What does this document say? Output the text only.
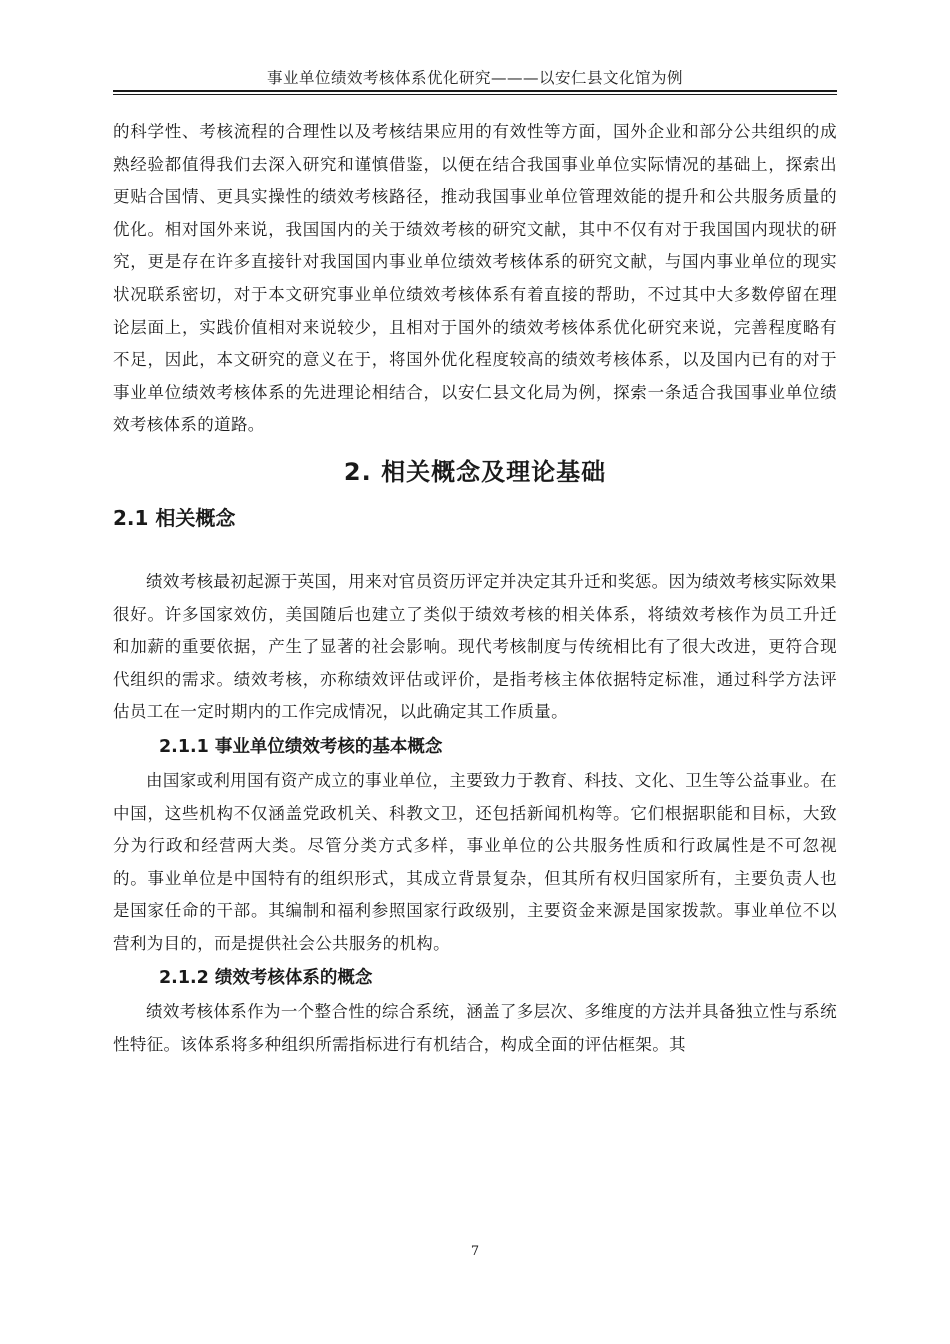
事业单位绩效考核体系优化研究———以安仁县文化馆为例

的科学性、考核流程的合理性以及考核结果应用的有效性等方面，国外企业和部分公共组织的成熟经验都值得我们去深入研究和谨慎借鉴，以便在结合我国事业单位实际情况的基础上，探索出更贴合国情、更具实操性的绩效考核路径，推动我国事业单位管理效能的提升和公共服务质量的优化。相对国外来说，我国国内的关于绩效考核的研究文献，其中不仅有对于我国国内现状的研究，更是存在许多直接针对我国国内事业单位绩效考核体系的研究文献，与国内事业单位的现实状况联系密切，对于本文研究事业单位绩效考核体系有着直接的帮助，不过其中大多数停留在理论层面上，实践价值相对来说较少，且相对于国外的绩效考核体系优化研究来说，完善程度略有不足，因此，本文研究的意义在于，将国外优化程度较高的绩效考核体系，以及国内已有的对于事业单位绩效考核体系的先进理论相结合，以安仁县文化局为例，探索一条适合我国事业单位绩效考核体系的道路。

2. 相关概念及理论基础
2.1 相关概念

绩效考核最初起源于英国，用来对官员资历评定并决定其升迁和奖惩。因为绩效考核实际效果很好。许多国家效仿，美国随后也建立了类似于绩效考核的相关体系，将绩效考核作为员工升迁和加薪的重要依据，产生了显著的社会影响。现代考核制度与传统相比有了很大改进，更符合现代组织的需求。绩效考核，亦称绩效评估或评价，是指考核主体依据特定标准，通过科学方法评估员工在一定时期内的工作完成情况，以此确定其工作质量。

2.1.1 事业单位绩效考核的基本概念

由国家或利用国有资产成立的事业单位，主要致力于教育、科技、文化、卫生等公益事业。在中国，这些机构不仅涵盖党政机关、科教文卫，还包括新闻机构等。它们根据职能和目标，大致分为行政和经营两大类。尽管分类方式多样，事业单位的公共服务性质和行政属性是不可忽视的。事业单位是中国特有的组织形式，其成立背景复杂，但其所有权归国家所有，主要负责人也是国家任命的干部。其编制和福利参照国家行政级别，主要资金来源是国家拨款。事业单位不以营利为目的，而是提供社会公共服务的机构。

2.1.2 绩效考核体系的概念

绩效考核体系作为一个整合性的综合系统，涵盖了多层次、多维度的方法并具备独立性与系统性特征。该体系将多种组织所需指标进行有机结合，构成全面的评估框架。其

7
